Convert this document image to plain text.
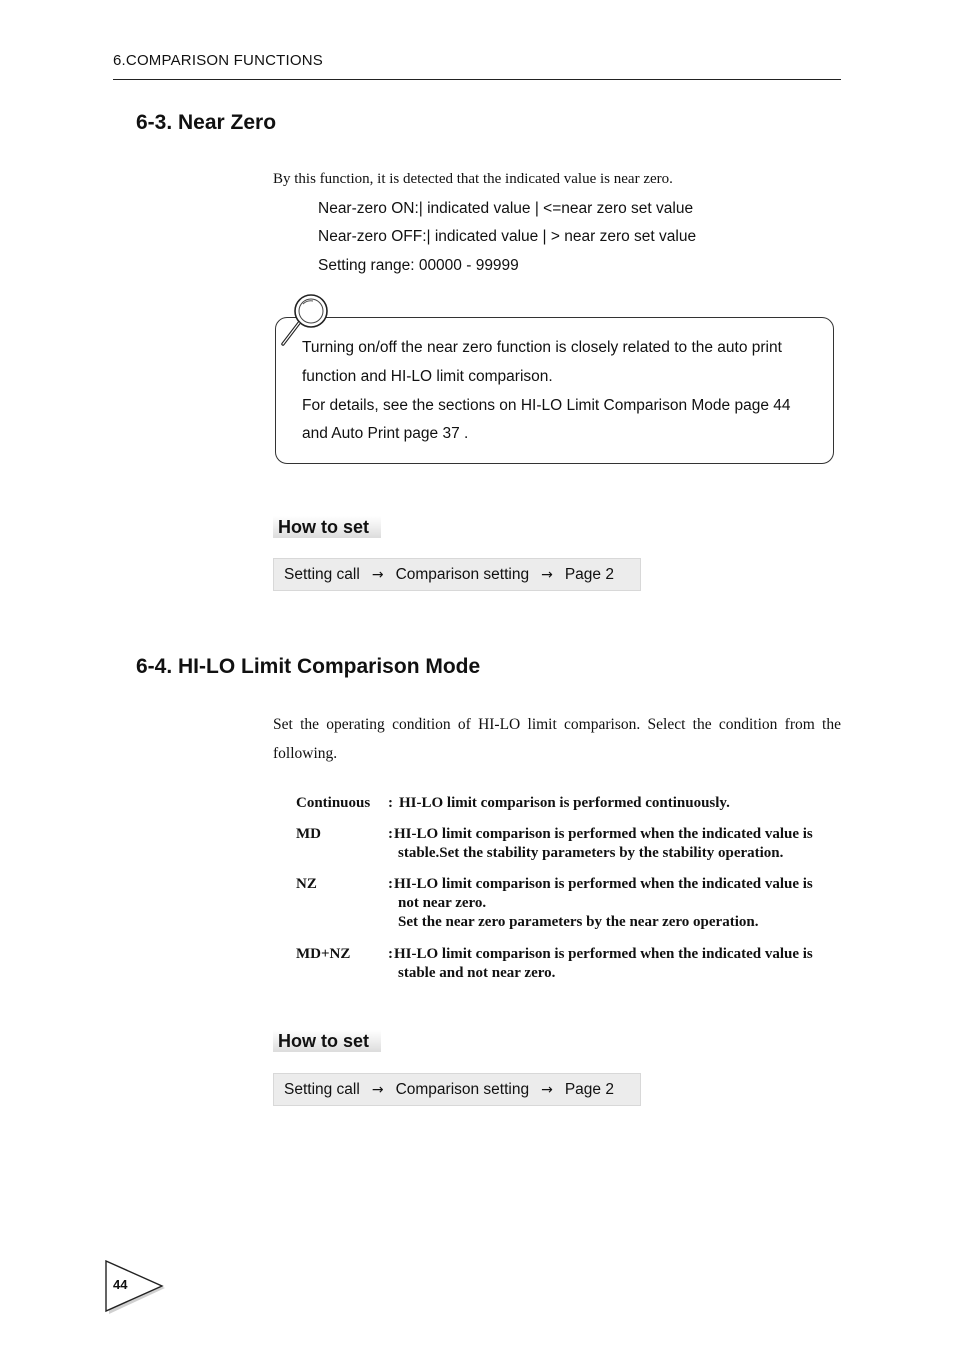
6.COMPARISON FUNCTIONS
6-3. Near Zero
By this function, it is detected that the indicated value is near zero.
Near-zero ON:| indicated value | <=near zero set value
Near-zero OFF:| indicated value | > near zero set value
Setting range: 00000 - 99999
Turning on/off the near zero function is closely related to the auto print
function and HI-LO limit comparison.
For details, see the sections on HI-LO Limit Comparison Mode page 44
and Auto Print page 37 .
How to set
Setting call → Comparison setting → Page 2
6-4. HI-LO Limit Comparison Mode
Set the operating condition of HI-LO limit comparison. Select the condition from the
following.
Continuous : HI-LO limit comparison is performed continuously.
MD	: HI-LO limit comparison is performed when the indicated value is
stable.Set the stability parameters by the stability operation.
NZ	: HI-LO limit comparison is performed when the indicated value is
not near zero.
Set the near zero parameters by the near zero operation.
MD+NZ	: HI-LO limit comparison is performed when the indicated value is
stable and not near zero.
How to set
Setting call → Comparison setting → Page 2
44
